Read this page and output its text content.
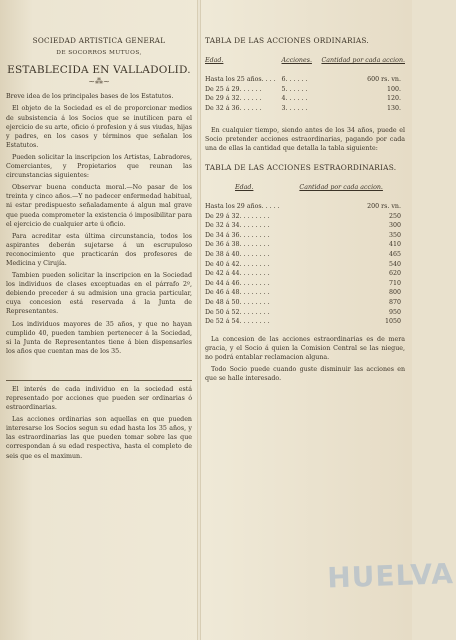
SOCIEDAD ARTISTICA GENERAL
DE SOCORROS MUTUOS,
ESTABLECIDA EN VALLADOLID.
~⁂~

Breve idea de los principales bases de los Estatutos.

El objeto de la Sociedad es el de proporcionar medios de subsistencia á los Socios que se inutilicen para el ejercicio de su arte, oficio ó profesion y á sus viudas, hijas y padres, en los casos y términos que señalan los Estatutos.

Pueden solicitar la inscripcion los Artistas, Labradores, Comerciantes, y Propietarios que reunan las circunstancias siguientes:

Observar buena conducta moral.—No pasar de los treinta y cinco años.—Y no padecer enfermedad habitual, ni estar predispuesto señaladamente á algun mal grave que pueda comprometer la existencia ó imposibilitar para el ejercicio de cualquier arte ú oficio.

Para acreditar esta última circunstancia, todos los aspirantes deberán sujetarse á un escrupuloso reconocimiento que practicarán dos profesores de Medicina y Cirujía.

Tambien pueden solicitar la inscripcion en la Sociedad los individuos de clases exceptuadas en el párrafo 2º, debiendo preceder á su admision una gracia particular, cuya concesion está reservada á la Junta de Representantes.

Los individuos mayores de 35 años, y que no hayan cumplido 40, pueden tambien pertenecer á la Sociedad, si la Junta de Representantes tiene á bien dispensarles los años que cuentan mas de los 35.

El interés de cada individuo en la sociedad está representado por acciones que pueden ser ordinarias ó estraordinarias.

Las acciones ordinarias son aquellas en que pueden interesarse los Socios segun su edad hasta los 35 años, y las estraordinarias las que pueden tomar sobre las que correspondan á su edad respectiva, hasta el completo de seis que es el maximun.

TABLA DE LAS ACCIONES ORDINARIAS.
Edad.	Acciones.	Cantidad por cada accion.
Hasta los 25 años. . . .	6. . . . . .	600 rs. vn.
De 25 á 29. . . . . .	5. . . . . .	100.
De 29 á 32. . . . . .	4. . . . . .	120.
De 32 á 36. . . . . .	3. . . . . .	130.

En cualquier tiempo, siendo antes de los 34 años, puede el Socio pretender acciones estraordinarias, pagando por cada una de ellas la cantidad que detalla la tabla siguiente:

TABLA DE LAS ACCIONES ESTRAORDINARIAS.
Edad.	Cantidad por cada accion.
Hasta los 29 años. . . . .	200 rs. vn.
De 29 á 32. . . . . . . .	250
De 32 á 34. . . . . . . .	300
De 34 á 36. . . . . . . .	350
De 36 á 38. . . . . . . .	410
De 38 á 40. . . . . . . .	465
De 40 á 42. . . . . . . .	540
De 42 á 44. . . . . . . .	620
De 44 á 46. . . . . . . .	710
De 46 á 48. . . . . . . .	800
De 48 á 50. . . . . . . .	870
De 50 á 52. . . . . . . .	950
De 52 á 54. . . . . . . .	1050

La concesion de las acciones estraordinarias es de mera gracia, y el Socio á quien la Comision Central se las niegue, no podrá entablar reclamacion alguna.

Todo Socio puede cuando guste disminuir las acciones en que se halle interesado.

HUELVA
